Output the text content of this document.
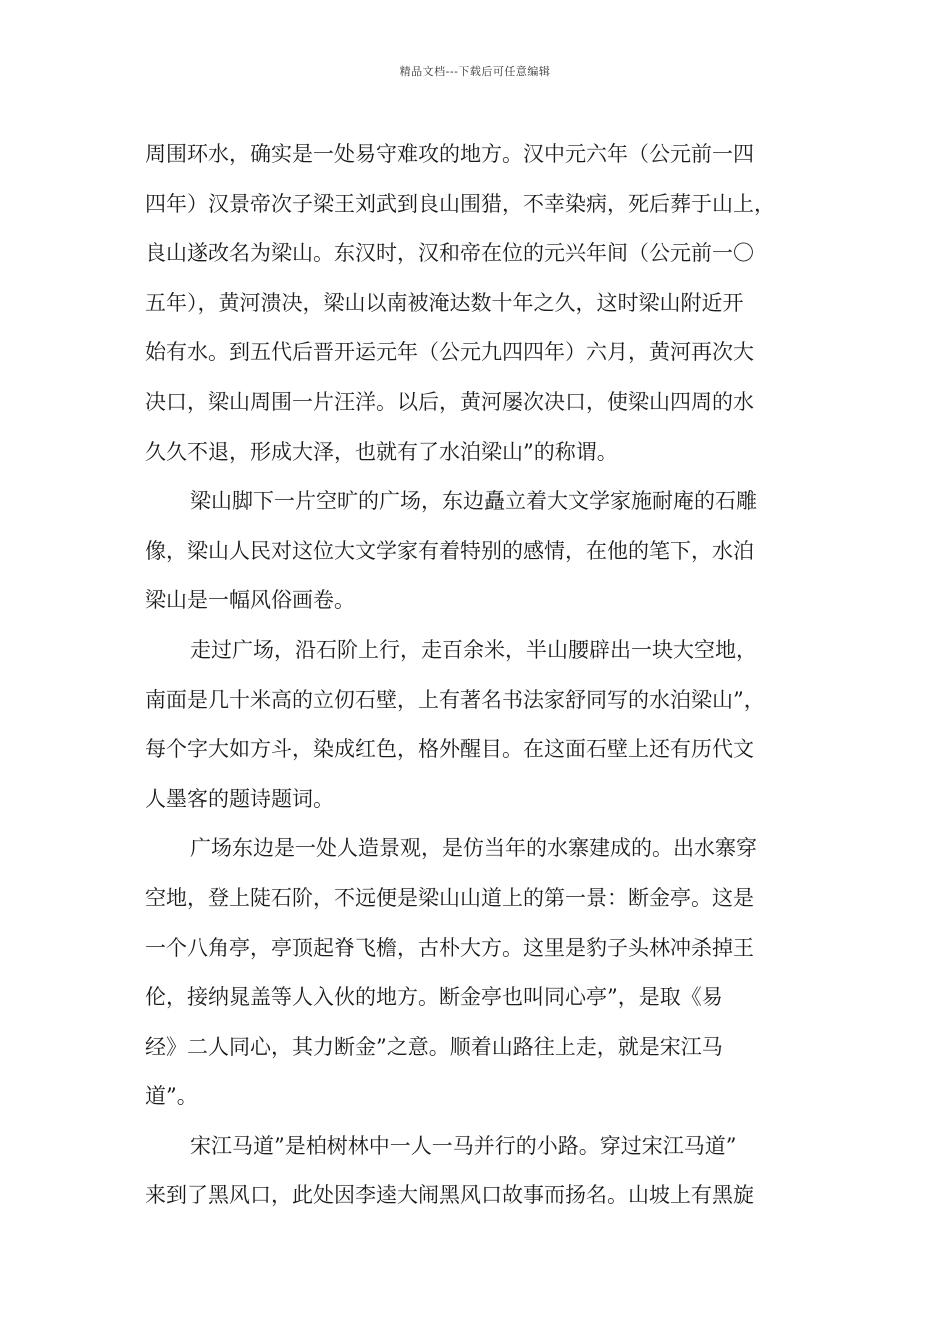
精品文档---下载后可任意编辑
周围环水，确实是一处易守难攻的地方。汉中元六年（公元前一四
四年）汉景帝次子梁王刘武到良山围猎，不幸染病，死后葬于山上，
良山遂改名为梁山。东汉时，汉和帝在位的元兴年间（公元前一〇
五年），黄河溃决，梁山以南被淹达数十年之久，这时梁山附近开
始有水。到五代后晋开运元年（公元九四四年）六月，黄河再次大
决口，梁山周围一片汪洋。以后，黄河屡次决口，使梁山四周的水
久久不退，形成大泽，也就有了水泊梁山”的称谓。
梁山脚下一片空旷的广场，东边矗立着大文学家施耐庵的石雕
像，梁山人民对这位大文学家有着特别的感情，在他的笔下，水泊
梁山是一幅风俗画卷。
走过广场，沿石阶上行，走百余米，半山腰辟出一块大空地，
南面是几十米高的立仞石壁，上有著名书法家舒同写的水泊梁山”，
每个字大如方斗，染成红色，格外醒目。在这面石壁上还有历代文
人墨客的题诗题词。
广场东边是一处人造景观，是仿当年的水寨建成的。出水寨穿
空地，登上陡石阶，不远便是梁山山道上的第一景：断金亭。这是
一个八角亭，亭顶起脊飞檐，古朴大方。这里是豹子头林冲杀掉王
伦，接纳晁盖等人入伙的地方。断金亭也叫同心亭”，是取《易
经》二人同心，其力断金”之意。顺着山路往上走，就是宋江马
道”。
宋江马道”是柏树林中一人一马并行的小路。穿过宋江马道”
来到了黑风口，此处因李逵大闹黑风口故事而扬名。山坡上有黑旋
